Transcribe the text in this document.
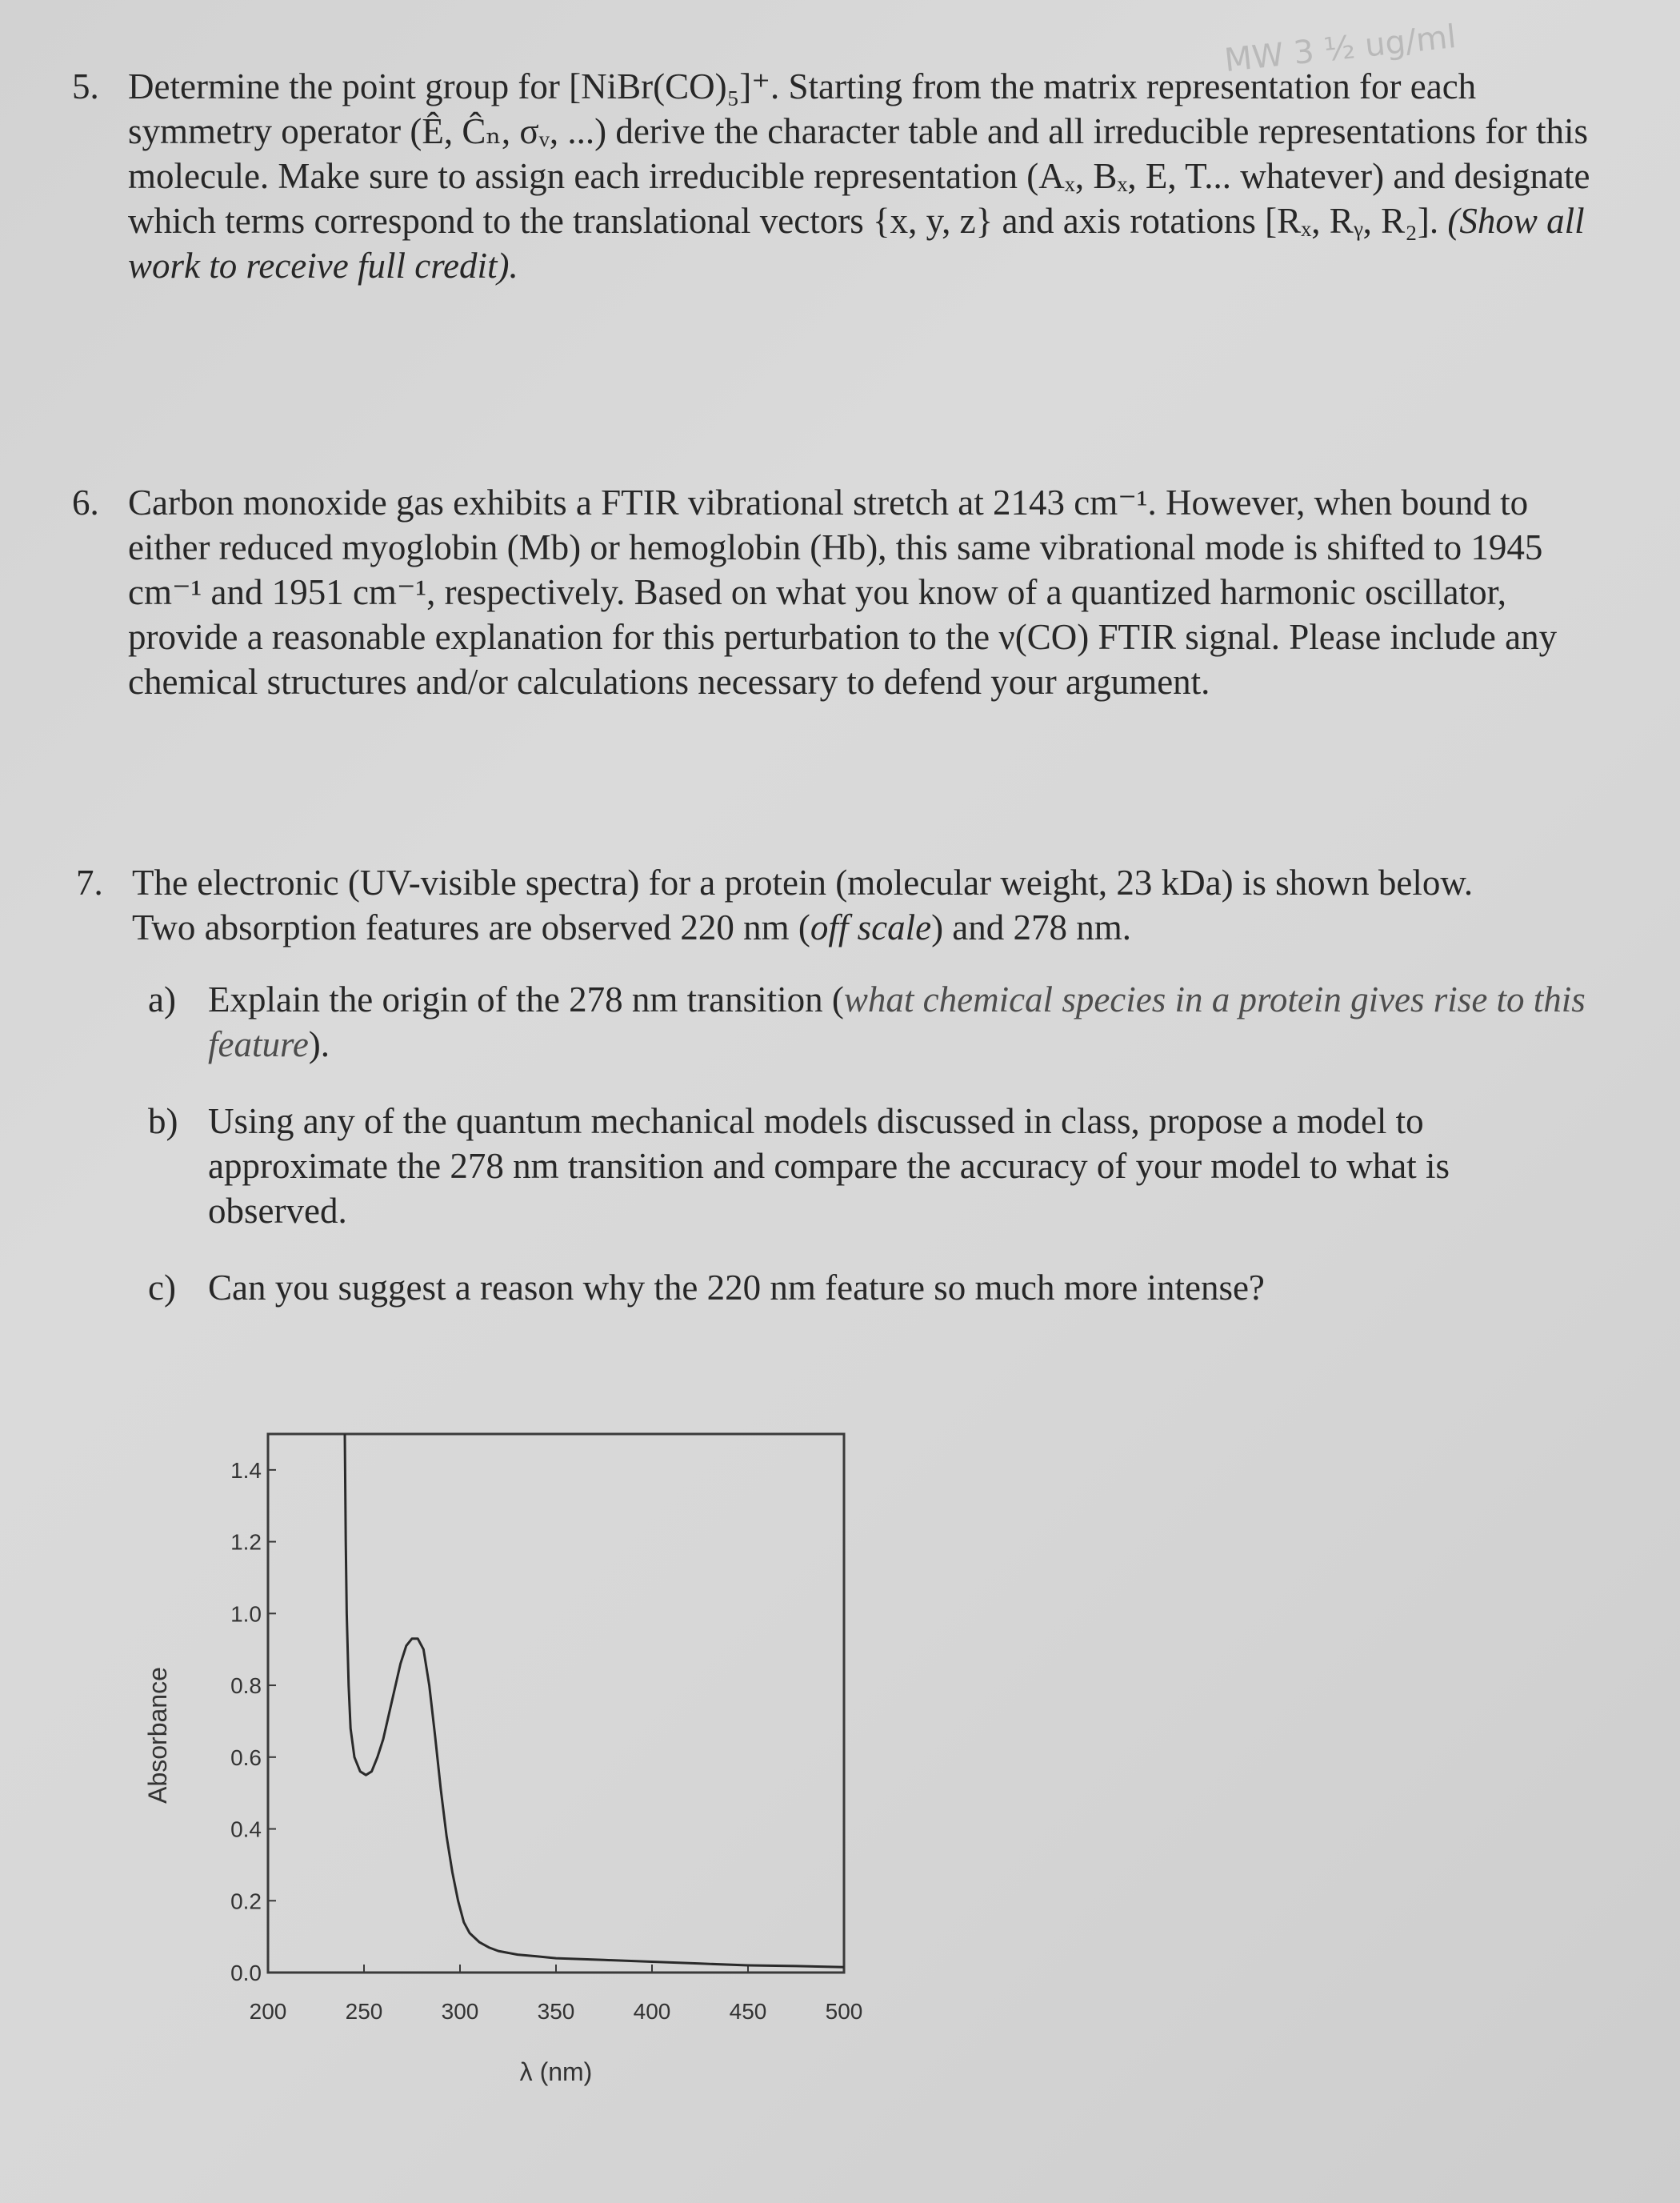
MW 3 ½ ug/ml
5. Determine the point group for [NiBr(CO)₅]⁺. Starting from the matrix representation for each symmetry operator (Ê, Ĉₙ, σᵥ, ...) derive the character table and all irreducible representations for this molecule. Make sure to assign each irreducible representation (Aₓ, Bₓ, E, T... whatever) and designate which terms correspond to the translational vectors {x, y, z} and axis rotations [Rₓ, Rᵧ, R₂]. (Show all work to receive full credit).
6. Carbon monoxide gas exhibits a FTIR vibrational stretch at 2143 cm⁻¹. However, when bound to either reduced myoglobin (Mb) or hemoglobin (Hb), this same vibrational mode is shifted to 1945 cm⁻¹ and 1951 cm⁻¹, respectively. Based on what you know of a quantized harmonic oscillator, provide a reasonable explanation for this perturbation to the ν(CO) FTIR signal. Please include any chemical structures and/or calculations necessary to defend your argument.
7. The electronic (UV-visible spectra) for a protein (molecular weight, 23 kDa) is shown below.
Two absorption features are observed 220 nm (off scale) and 278 nm.
a) Explain the origin of the 278 nm transition (what chemical species in a protein gives rise to this feature).
b) Using any of the quantum mechanical models discussed in class, propose a model to approximate the 278 nm transition and compare the accuracy of your model to what is observed.
c) Can you suggest a reason why the 220 nm feature so much more intense?
0.0
0.2
0.4
0.6
0.8
1.0
1.2
1.4
200	250	300	350	400	450	500
λ (nm)
Absorbance
